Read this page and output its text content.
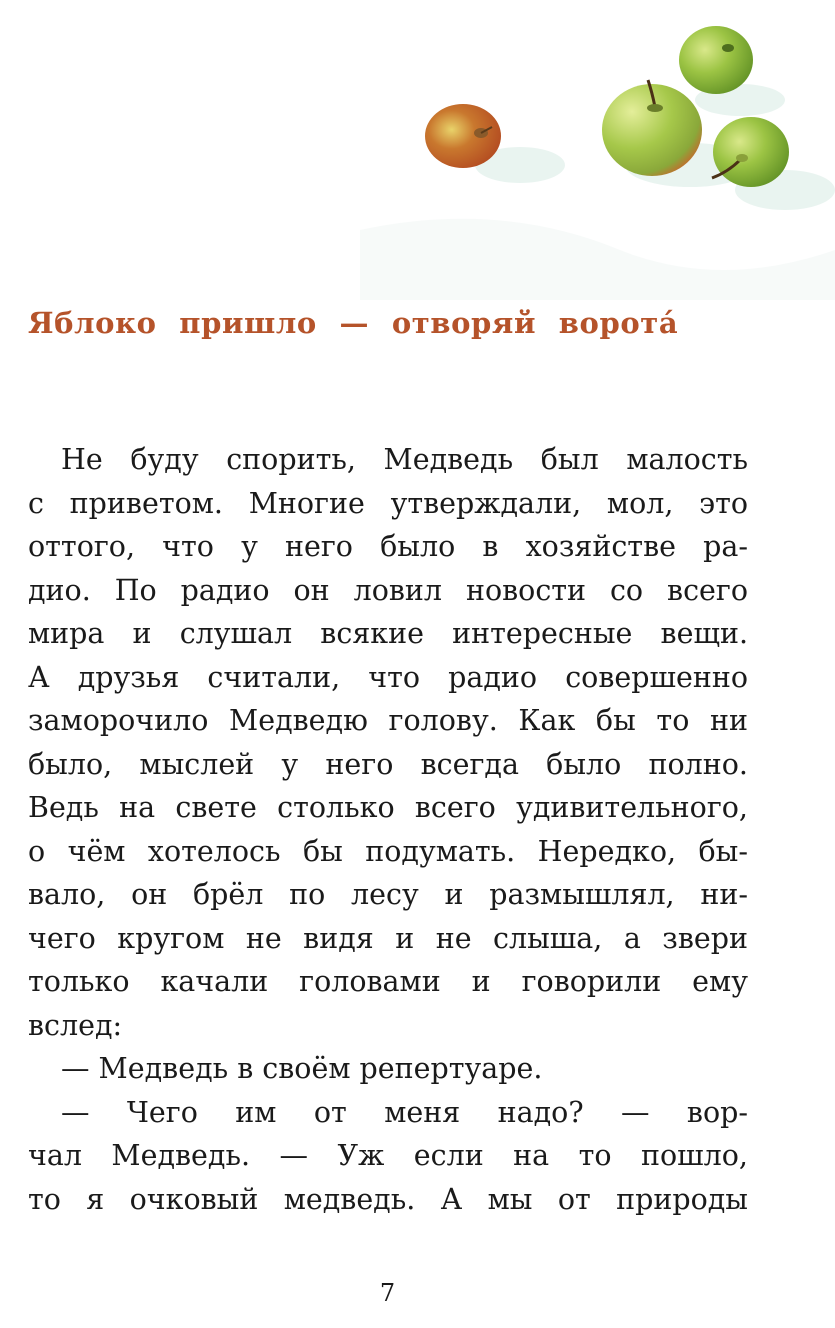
Яблоко пришло — отворяй ворота́
Не буду спорить, Медведь был малость
с приветом. Многие утверждали, мол, это
оттого, что у него было в хозяйстве ра-
дио. По радио он ловил новости со всего
мира и слушал всякие интересные вещи.
А друзья считали, что радио совершенно
заморочило Медведю голову. Как бы то ни
было, мыслей у него всегда было полно.
Ведь на свете столько всего удивительного,
о чём хотелось бы подумать. Нередко, бы-
вало, он брёл по лесу и размышлял, ни-
чего кругом не видя и не слыша, а звери
только качали головами и говорили ему
вслед:
— Медведь в своём репертуаре.
— Чего им от меня надо? — вор-
чал Медведь. — Уж если на то пошло,
то я очковый медведь. А мы от природы
7
